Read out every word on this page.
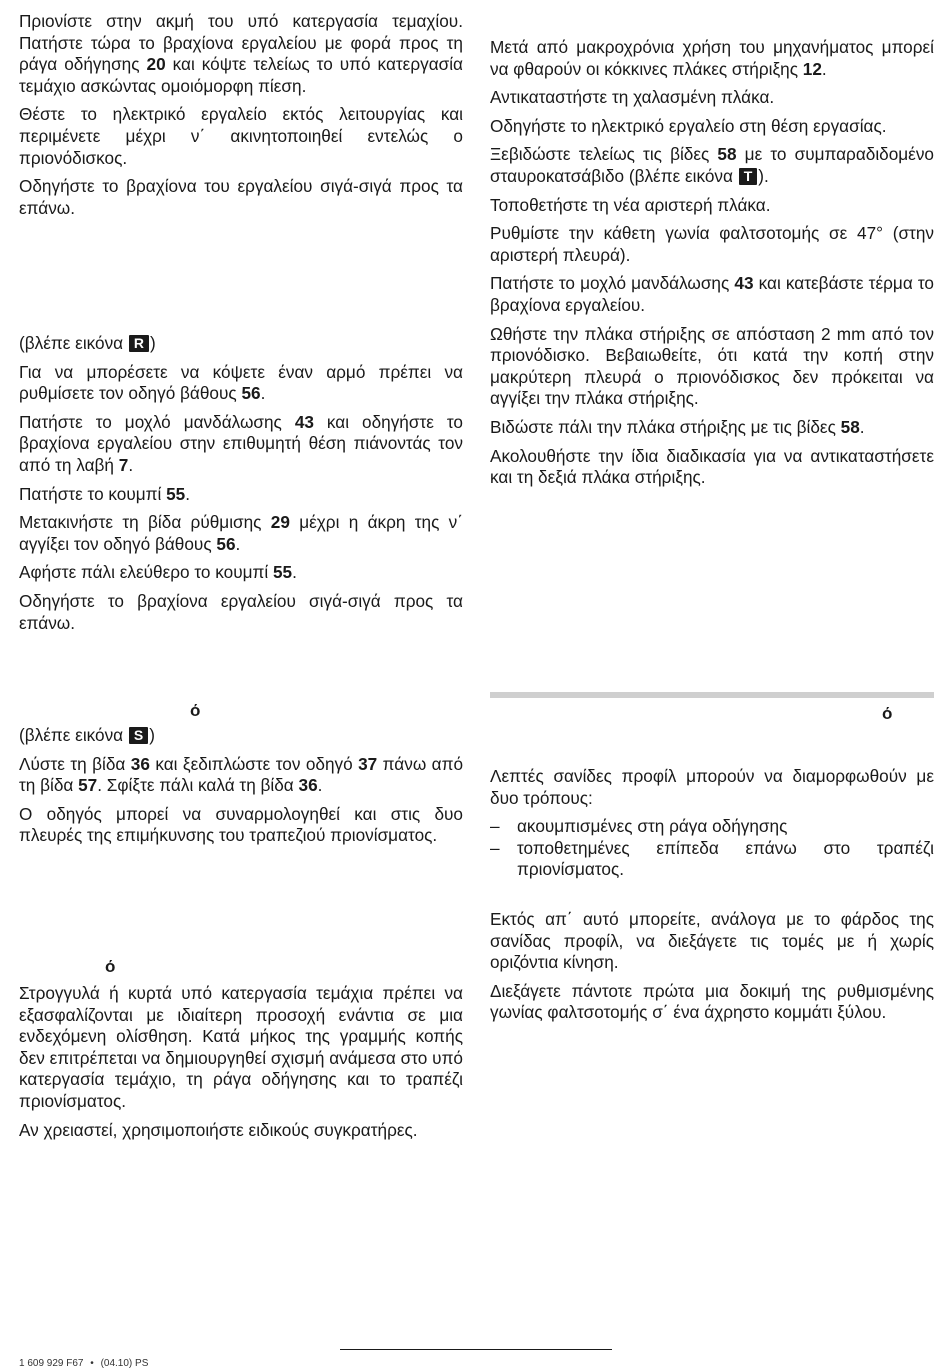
Πριονίστε στην ακμή του υπό κατεργασία τεμαχίου. Πατήστε τώρα το βραχίονα εργαλείου με φορά προς τη ράγα οδήγησης 20 και κόψτε τελείως το υπό κατεργασία τεμάχιο ασκώντας ομοιόμορφη πίεση.

Θέστε το ηλεκτρικό εργαλείο εκτός λειτουργίας και περιμένετε μέχρι ν΄ ακινητοποιηθεί εντελώς ο πριονόδισκος.

Οδηγήστε το βραχίονα του εργαλείου σιγά-σιγά προς τα επάνω.

(βλέπε εικόνα R )

Για να μπορέσετε να κόψετε έναν αρμό πρέπει να ρυθμίσετε τον οδηγό βάθους 56.

Πατήστε το μοχλό μανδάλωσης 43 και οδηγήστε το βραχίονα εργαλείου στην επιθυμητή θέση πιάνοντάς τον από τη λαβή 7.

Πατήστε το κουμπί 55.

Μετακινήστε τη βίδα ρύθμισης 29 μέχρι η άκρη της ν΄ αγγίξει τον οδηγό βάθους 56.

Αφήστε πάλι ελεύθερο το κουμπί 55.

Οδηγήστε το βραχίονα εργαλείου σιγά-σιγά προς τα επάνω.

ό

(βλέπε εικόνα S )

Λύστε τη βίδα 36 και ξεδιπλώστε τον οδηγό 37 πάνω από τη βίδα 57. Σφίξτε πάλι καλά τη βίδα 36.

Ο οδηγός μπορεί να συναρμολογηθεί και στις δυο πλευρές της επιμήκυνσης του τραπεζιού πριονίσματος.

ό

Στρογγυλά ή κυρτά υπό κατεργασία τεμάχια πρέπει να εξασφαλίζονται με ιδιαίτερη προσοχή ενάντια σε μια ενδεχόμενη ολίσθηση. Κατά μήκος της γραμμής κοπής δεν επιτρέπεται να δημιουργηθεί σχισμή ανάμεσα στο υπό κατεργασία τεμάχιο, τη ράγα οδήγησης και το τραπέζι πριονίσματος.

Αν χρειαστεί, χρησιμοποιήστε ειδικούς συγκρατήρες.

Μετά από μακροχρόνια χρήση του μηχανήματος μπορεί να φθαρούν οι κόκκινες πλάκες στήριξης 12.

Αντικαταστήστε τη χαλασμένη πλάκα.

Οδηγήστε το ηλεκτρικό εργαλείο στη θέση εργασίας.

Ξεβιδώστε τελείως τις βίδες 58 με το συμπαραδιδομένο σταυροκατσάβιδο (βλέπε εικόνα T ).

Τοποθετήστε τη νέα αριστερή πλάκα.

Ρυθμίστε την κάθετη γωνία φαλτσοτομής σε 47° (στην αριστερή πλευρά).

Πατήστε το μοχλό μανδάλωσης 43 και κατεβάστε τέρμα το βραχίονα εργαλείου.

Ωθήστε την πλάκα στήριξης σε απόσταση 2 mm από τον πριονόδισκο. Βεβαιωθείτε, ότι κατά την κοπή στην μακρύτερη πλευρά ο πριονόδισκος δεν πρόκειται να αγγίξει την πλάκα στήριξης.

Βιδώστε πάλι την πλάκα στήριξης με τις βίδες 58.

Ακολουθήστε την ίδια διαδικασία για να αντικαταστήσετε και τη δεξιά πλάκα στήριξης.

ό

Λεπτές σανίδες προφίλ μπορούν να διαμορφωθούν με δυο τρόπους:

– ακουμπισμένες στη ράγα οδήγησης
– τοποθετημένες επίπεδα επάνω στο τραπέζι πριονίσματος.

Εκτός απ΄ αυτό μπορείτε, ανάλογα με το φάρδος της σανίδας προφίλ, να διεξάγετε τις τομές με ή χωρίς οριζόντια κίνηση.

Διεξάγετε πάντοτε πρώτα μια δοκιμή της ρυθμισμένης γωνίας φαλτσοτομής σ΄ ένα άχρηστο κομμάτι ξύλου.

1 609 929 F67 • (04.10) PS
